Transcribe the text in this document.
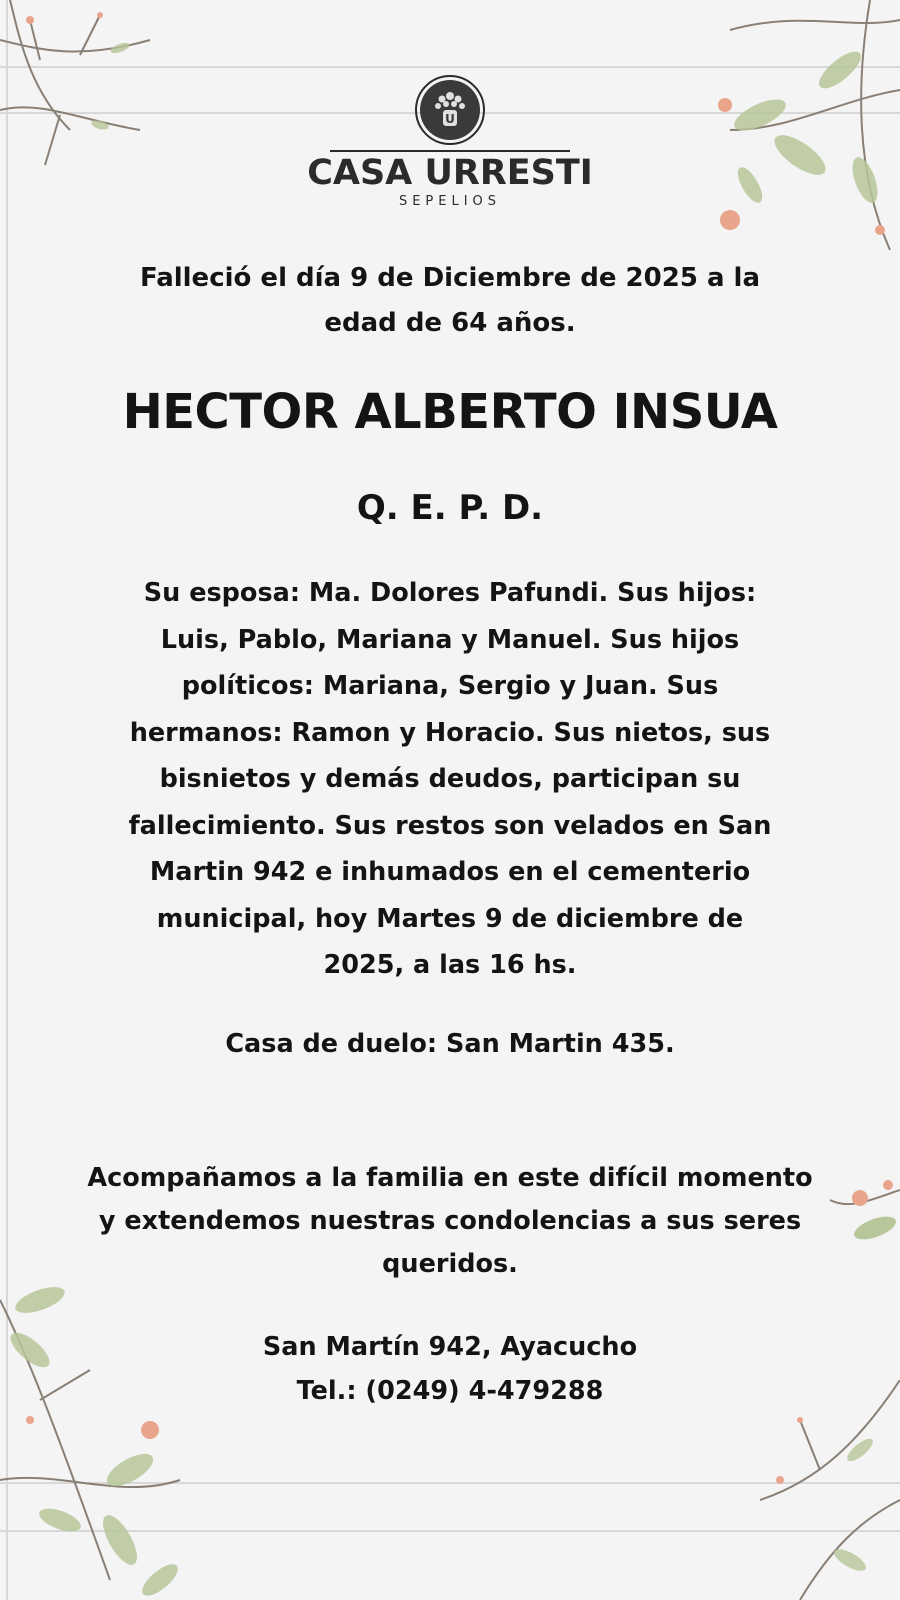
U
CASA URRESTI
SEPELIOS
Falleció el día 9 de Diciembre de 2025 a la
edad de 64 años.
HECTOR ALBERTO INSUA
Q. E. P. D.
Su esposa: Ma. Dolores Pafundi. Sus hijos:
Luis, Pablo, Mariana y Manuel. Sus hijos
políticos: Mariana, Sergio y Juan. Sus
hermanos: Ramon y Horacio. Sus nietos, sus
bisnietos y demás deudos, participan su
fallecimiento. Sus restos son velados en San
Martin 942 e inhumados en el cementerio
municipal, hoy Martes 9 de diciembre de
2025, a las 16 hs.
Casa de duelo: San Martin 435.
Acompañamos a la familia en este difícil momento
y extendemos nuestras condolencias a sus seres
queridos.
San Martín 942, Ayacucho
Tel.: (0249) 4-479288
